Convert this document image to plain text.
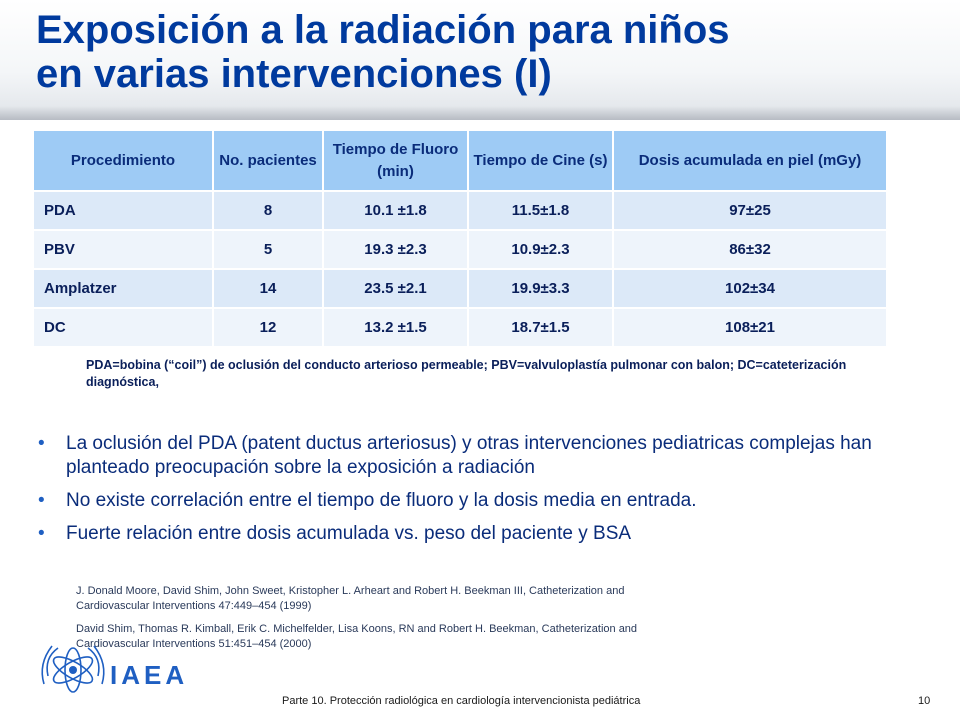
Exposición a la radiación para niños
en varias intervenciones (I)
Procedimiento	No. pacientes	Tiempo de Fluoro (min)	Tiempo de Cine (s)	Dosis acumulada en piel (mGy)
PDA	8	10.1 ±1.8	11.5±1.8	97±25
PBV	5	19.3 ±2.3	10.9±2.3	86±32
Amplatzer	14	23.5 ±2.1	19.9±3.3	102±34
DC	12	13.2 ±1.5	18.7±1.5	108±21
PDA=bobina (“coil”) de oclusión del conducto arterioso permeable; PBV=valvuloplastía pulmonar con balon; DC=cateterización diagnóstica,
• La oclusión del PDA (patent ductus arteriosus) y otras intervenciones pediatricas complejas han planteado preocupación sobre la exposición a radiación
• No existe correlación entre el tiempo de fluoro y la dosis media en entrada.
• Fuerte relación entre dosis acumulada vs. peso del paciente y BSA

J. Donald Moore, David Shim, John Sweet, Kristopher L. Arheart and Robert H. Beekman III, Catheterization and Cardiovascular Interventions 47:449–454 (1999)

David Shim, Thomas R. Kimball, Erik C. Michelfelder, Lisa Koons, RN and Robert H. Beekman, Catheterization and Cardiovascular Interventions 51:451–454 (2000)

IAEA
Parte 10. Protección radiológica en cardiología intervencionista pediátrica	10
